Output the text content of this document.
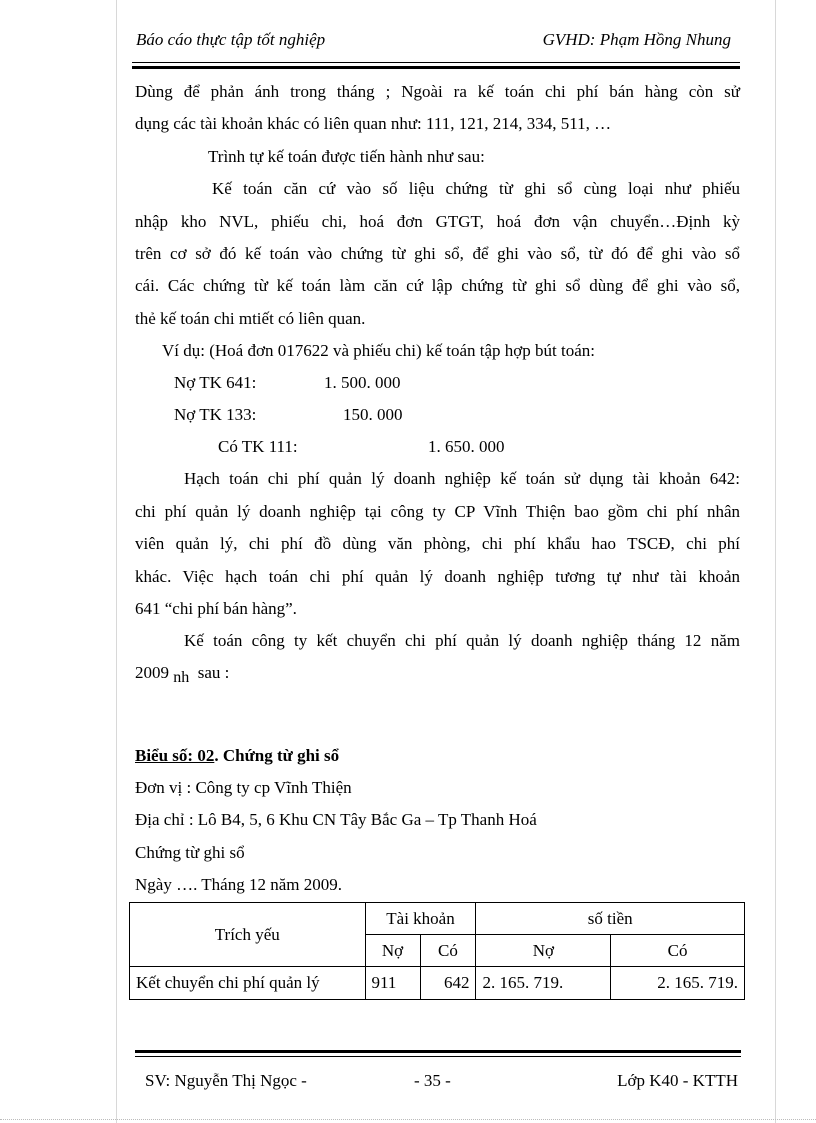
Báo cáo thực tập tốt nghiệp	GVHD: Phạm Hồng Nhung
Dùng để phản ánh trong tháng ; Ngoài ra kế toán chi phí bán hàng còn sử
dụng các tài khoản khác có liên quan như: 111, 121, 214, 334, 511, …
Trình tự kế toán được tiến hành như sau:
Kế toán căn cứ vào số liệu chứng từ ghi sổ cùng loại như phiếu
nhập kho NVL, phiếu chi, hoá đơn GTGT, hoá đơn vận chuyển…Định kỳ
trên cơ sở đó kế toán vào chứng từ ghi sổ, để ghi vào sổ, từ đó để ghi vào sổ
cái. Các chứng từ kế toán làm căn cứ lập chứng từ ghi sổ dùng để ghi vào sổ,
thẻ kế toán chi mtiết có liên quan.
Ví dụ: (Hoá đơn 017622 và phiếu chi) kế toán tập hợp bút toán:
Nợ TK 641:	1. 500. 000
Nợ TK 133:	150. 000
Có TK 111:	1. 650. 000
Hạch toán chi phí quản lý doanh nghiệp kế toán sử dụng tài khoản 642:
chi phí quản lý doanh nghiệp tại công ty CP Vĩnh Thiện bao gồm chi phí nhân
viên quản lý, chi phí đồ dùng văn phòng, chi phí khẩu hao TSCĐ, chi phí
khác. Việc hạch toán chi phí quản lý doanh nghiệp tương tự như tài khoản
641 “chi phí bán hàng”.
Kế toán công ty kết chuyển chi phí quản lý doanh nghiệp tháng 12 năm
2009 nh sau :
Biểu số: 02. Chứng từ ghi sổ
Đơn vị : Công ty cp Vĩnh Thiện
Địa chỉ : Lô B4, 5, 6 Khu CN Tây Bắc Ga – Tp Thanh Hoá
Chứng từ ghi sổ
Ngày …. Tháng 12 năm 2009.
Trích yếu	Tài khoản		số tiền	
	Nợ	Có	Nợ	Có
Kết chuyển chi phí quản lý	911	642	2. 165. 719.	2. 165. 719.
SV: Nguyễn Thị Ngọc -	- 35 -	Lớp K40 - KTTH
